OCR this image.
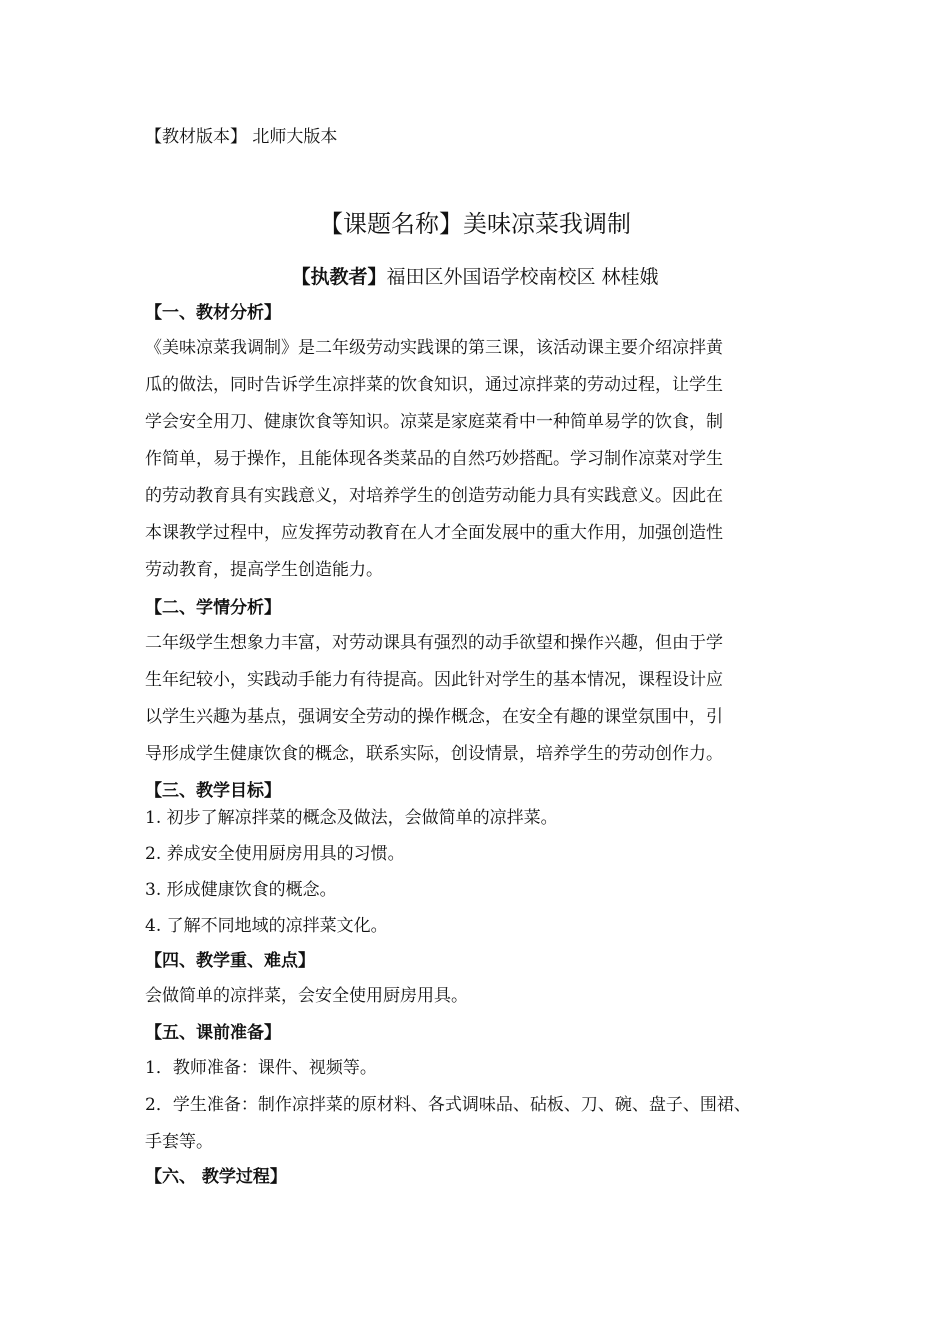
【教材版本】 北师大版本
【课题名称】美味凉菜我调制
【执教者】福田区外国语学校南校区 林桂娥
【一、教材分析】
《美味凉菜我调制》是二年级劳动实践课的第三课，该活动课主要介绍凉拌黄
瓜的做法，同时告诉学生凉拌菜的饮食知识，通过凉拌菜的劳动过程，让学生
学会安全用刀、健康饮食等知识。凉菜是家庭菜肴中一种简单易学的饮食，制
作简单，易于操作，且能体现各类菜品的自然巧妙搭配。学习制作凉菜对学生
的劳动教育具有实践意义，对培养学生的创造劳动能力具有实践意义。因此在
本课教学过程中，应发挥劳动教育在人才全面发展中的重大作用，加强创造性
劳动教育，提高学生创造能力。
【二、学情分析】
二年级学生想象力丰富，对劳动课具有强烈的动手欲望和操作兴趣，但由于学
生年纪较小，实践动手能力有待提高。因此针对学生的基本情况，课程设计应
以学生兴趣为基点，强调安全劳动的操作概念，在安全有趣的课堂氛围中，引
导形成学生健康饮食的概念，联系实际，创设情景，培养学生的劳动创作力。
【三、教学目标】
1. 初步了解凉拌菜的概念及做法，会做简单的凉拌菜。
2. 养成安全使用厨房用具的习惯。
3. 形成健康饮食的概念。
4. 了解不同地域的凉拌菜文化。
【四、教学重、难点】
会做简单的凉拌菜，会安全使用厨房用具。
【五、课前准备】
1．教师准备：课件、视频等。
2．学生准备：制作凉拌菜的原材料、各式调味品、砧板、刀、碗、盘子、围裙、
手套等。
【六、 教学过程】
